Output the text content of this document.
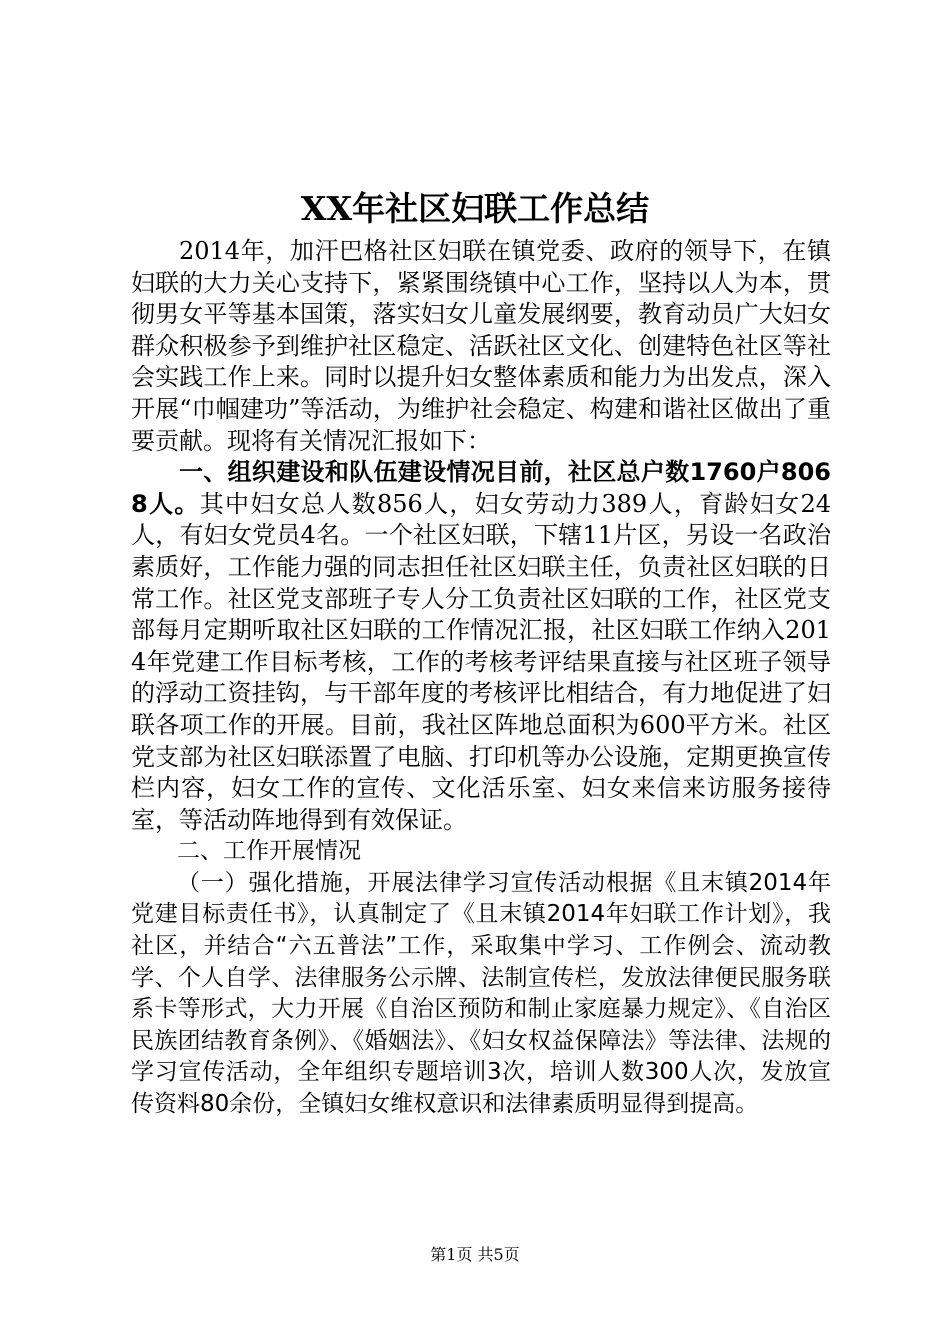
XX年社区妇联工作总结

2014年，加汗巴格社区妇联在镇党委、政府的领导下，在镇妇联的大力关心支持下，紧紧围绕镇中心工作，坚持以人为本，贯彻男女平等基本国策，落实妇女儿童发展纲要，教育动员广大妇女群众积极参予到维护社区稳定、活跃社区文化、创建特色社区等社会实践工作上来。同时以提升妇女整体素质和能力为出发点，深入开展“巾帼建功”等活动，为维护社会稳定、构建和谐社区做出了重要贡献。现将有关情况汇报如下：

一、组织建设和队伍建设情况目前，社区总户数1760户8068人。其中妇女总人数856人，妇女劳动力389人，育龄妇女24人，有妇女党员4名。一个社区妇联，下辖11片区，另设一名政治素质好，工作能力强的同志担任社区妇联主任，负责社区妇联的日常工作。社区党支部班子专人分工负责社区妇联的工作，社区党支部每月定期听取社区妇联的工作情况汇报，社区妇联工作纳入2014年党建工作目标考核，工作的考核考评结果直接与社区班子领导的浮动工资挂钩，与干部年度的考核评比相结合，有力地促进了妇联各项工作的开展。目前，我社区阵地总面积为600平方米。社区党支部为社区妇联添置了电脑、打印机等办公设施，定期更换宣传栏内容，妇女工作的宣传、文化活乐室、妇女来信来访服务接待室，等活动阵地得到有效保证。

二、工作开展情况

（一）强化措施，开展法律学习宣传活动根据《且末镇2014年党建目标责任书》，认真制定了《且末镇2014年妇联工作计划》，我社区，并结合“六五普法”工作，采取集中学习、工作例会、流动教学、个人自学、法律服务公示牌、法制宣传栏，发放法律便民服务联系卡等形式，大力开展《自治区预防和制止家庭暴力规定》、《自治区民族团结教育条例》、《婚姻法》、《妇女权益保障法》等法律、法规的学习宣传活动，全年组织专题培训3次，培训人数300人次，发放宣传资料80余份，全镇妇女维权意识和法律素质明显得到提高。

第1页 共5页
